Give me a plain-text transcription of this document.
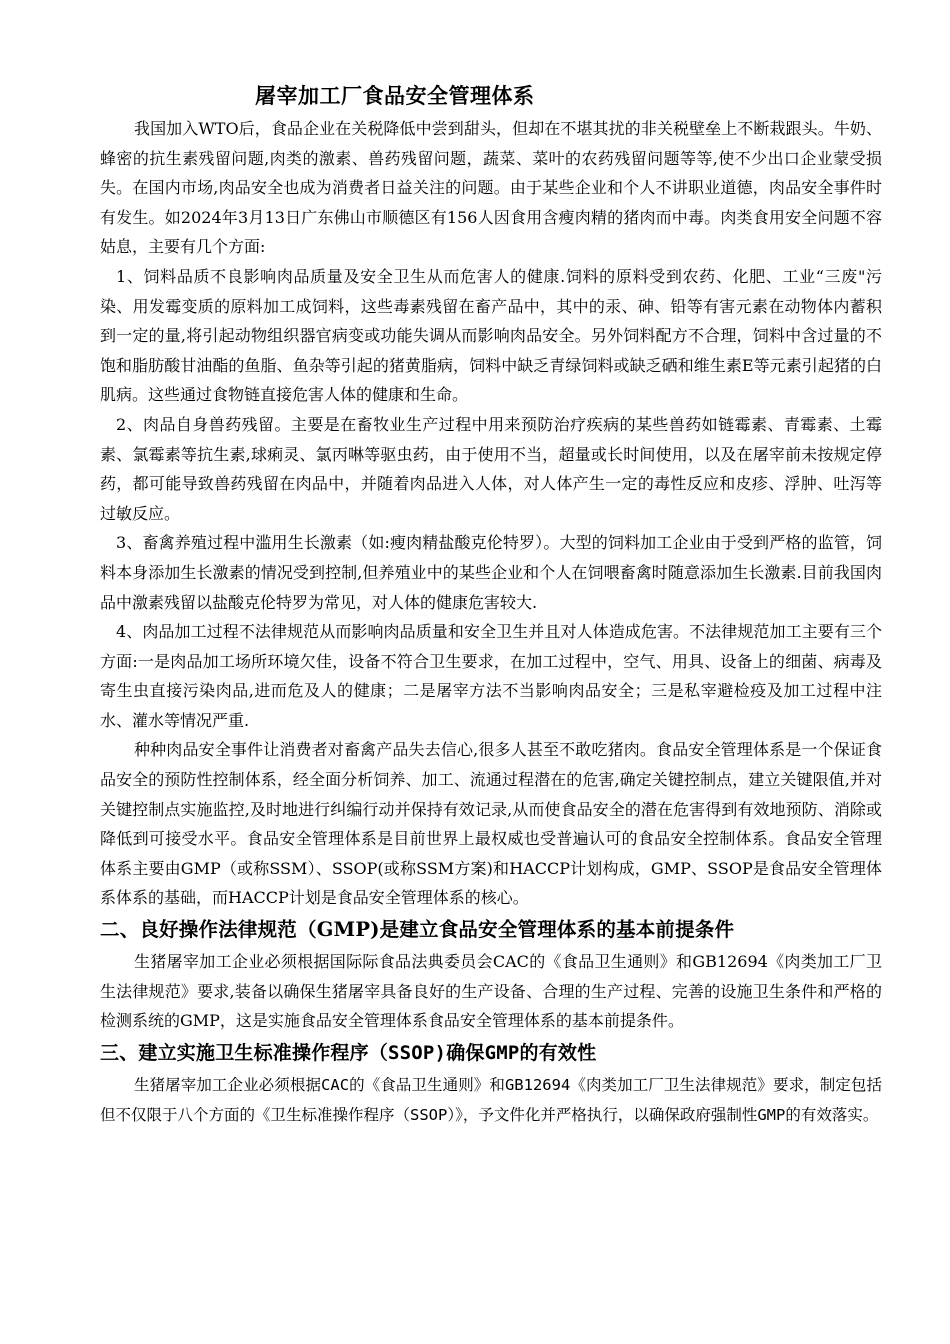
屠宰加工厂食品安全管理体系

我国加入WTO后，食品企业在关税降低中尝到甜头，但却在不堪其扰的非关税壁垒上不断栽跟头。牛奶、蜂密的抗生素残留问题,肉类的激素、兽药残留问题，蔬菜、菜叶的农药残留问题等等,使不少出口企业蒙受损失。在国内市场,肉品安全也成为消费者日益关注的问题。由于某些企业和个人不讲职业道德，肉品安全事件时有发生。如2024年3月13日广东佛山市顺德区有156人因食用含瘦肉精的猪肉而中毒。肉类食用安全问题不容姑息，主要有几个方面:

1、饲料品质不良影响肉品质量及安全卫生从而危害人的健康.饲料的原料受到农药、化肥、工业“三废"污染、用发霉变质的原料加工成饲料，这些毒素残留在畜产品中，其中的汞、砷、铅等有害元素在动物体内蓄积到一定的量,将引起动物组织器官病变或功能失调从而影响肉品安全。另外饲料配方不合理，饲料中含过量的不饱和脂肪酸甘油酯的鱼脂、鱼杂等引起的猪黄脂病，饲料中缺乏青绿饲料或缺乏硒和维生素E等元素引起猪的白肌病。这些通过食物链直接危害人体的健康和生命。

2、肉品自身兽药残留。主要是在畜牧业生产过程中用来预防治疗疾病的某些兽药如链霉素、青霉素、土霉素、氯霉素等抗生素,球痢灵、氯丙啉等驱虫药，由于使用不当，超量或长时间使用，以及在屠宰前未按规定停药，都可能导致兽药残留在肉品中，并随着肉品进入人体，对人体产生一定的毒性反应和皮疹、浮肿、吐泻等过敏反应。

3、畜禽养殖过程中滥用生长激素（如:瘦肉精盐酸克伦特罗）。大型的饲料加工企业由于受到严格的监管，饲料本身添加生长激素的情况受到控制,但养殖业中的某些企业和个人在饲喂畜禽时随意添加生长激素.目前我国肉品中激素残留以盐酸克伦特罗为常见，对人体的健康危害较大.

4、肉品加工过程不法律规范从而影响肉品质量和安全卫生并且对人体造成危害。不法律规范加工主要有三个方面:一是肉品加工场所环境欠佳，设备不符合卫生要求，在加工过程中，空气、用具、设备上的细菌、病毒及寄生虫直接污染肉品,进而危及人的健康；二是屠宰方法不当影响肉品安全；三是私宰避检疫及加工过程中注水、灌水等情况严重.

种种肉品安全事件让消费者对畜禽产品失去信心,很多人甚至不敢吃猪肉。食品安全管理体系是一个保证食品安全的预防性控制体系，经全面分析饲养、加工、流通过程潜在的危害,确定关键控制点，建立关键限值,并对关键控制点实施监控,及时地进行纠编行动并保持有效记录,从而使食品安全的潜在危害得到有效地预防、消除或降低到可接受水平。食品安全管理体系是目前世界上最权威也受普遍认可的食品安全控制体系。食品安全管理体系主要由GMP（或称SSM）、SSOP(或称SSM方案)和HACCP计划构成，GMP、SSOP是食品安全管理体系体系的基础，而HACCP计划是食品安全管理体系的核心。

二、良好操作法律规范（GMP)是建立食品安全管理体系的基本前提条件

生猪屠宰加工企业必须根据国际际食品法典委员会CAC的《食品卫生通则》和GB12694《肉类加工厂卫生法律规范》要求,装备以确保生猪屠宰具备良好的生产设备、合理的生产过程、完善的设施卫生条件和严格的检测系统的GMP，这是实施食品安全管理体系食品安全管理体系的基本前提条件。

三、建立实施卫生标准操作程序（SSOP)确保GMP的有效性

生猪屠宰加工企业必须根据CAC的《食品卫生通则》和GB12694《肉类加工厂卫生法律规范》要求，制定包括但不仅限于八个方面的《卫生标准操作程序（SSOP）》，予文件化并严格执行，以确保政府强制性GMP的有效落实。
